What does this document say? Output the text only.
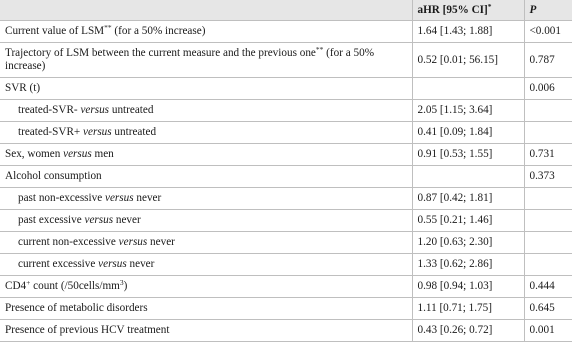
	aHR [95% CI]*	P
Current value of LSM** (for a 50% increase)	1.64 [1.43; 1.88]	<0.001
Trajectory of LSM between the current measure and the previous one** (for a 50% increase)	0.52 [0.01; 56.15]	0.787
SVR (t)		0.006
treated-SVR- versus untreated	2.05 [1.15; 3.64]	
treated-SVR+ versus untreated	0.41 [0.09; 1.84]	
Sex, women versus men	0.91 [0.53; 1.55]	0.731
Alcohol consumption		0.373
past non-excessive versus never	0.87 [0.42; 1.81]	
past excessive versus never	0.55 [0.21; 1.46]	
current non-excessive versus never	1.20 [0.63; 2.30]	
current excessive versus never	1.33 [0.62; 2.86]	
CD4+ count $(/50cells/mm^3)$	0.98 [0.94; 1.03]	0.444
Presence of metabolic disorders	1.11 [0.71; 1.75]	0.645
Presence of previous HCV treatment	0.43 [0.26; 0.72]	0.001
